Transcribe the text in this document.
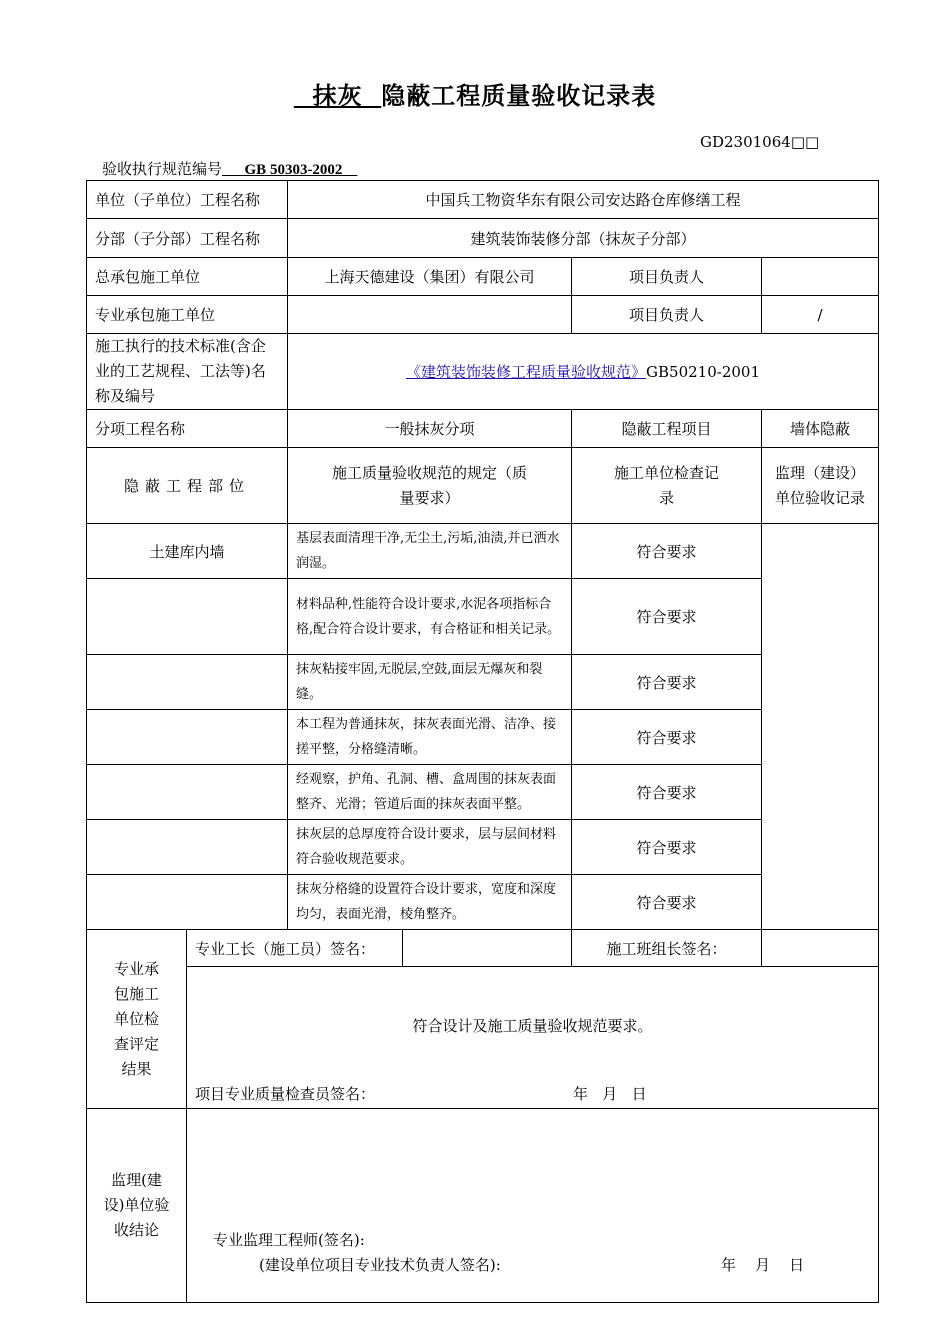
抹灰  隐蔽工程质量验收记录表
GD2301064□□
验收执行规范编号      GB 50303-2002
单位（子单位）工程名称		中国兵工物资华东有限公司安达路仓库修缮工程		
分部（子分部）工程名称		建筑装饰装修分部（抹灰子分部）		
总承包施工单位		上海天德建设（集团）有限公司	项目负责人	
专业承包施工单位			项目负责人	/
施工执行的技术标准(含企业的工艺规程、工法等)名称及编号		《建筑装饰装修工程质量验收规范》GB50210-2001		
分项工程名称		一般抹灰分项	隐蔽工程项目	墙体隐蔽
隐蔽工程部位		施工质量验收规范的规定（质量要求）	施工单位检查记录	监理（建设）单位验收记录
土建库内墙		基层表面清理干净,无尘土,污垢,油渍,并已洒水润湿。	符合要求	
		材料品种,性能符合设计要求,水泥各项指标合格,配合符合设计要求，有合格证和相关记录。	符合要求	
		抹灰粘接牢固,无脱层,空鼓,面层无爆灰和裂缝。	符合要求	
		本工程为普通抹灰，抹灰表面光滑、洁净、接搓平整，分格缝清晰。	符合要求	
		经观察，护角、孔洞、槽、盒周围的抹灰表面整齐、光滑；管道后面的抹灰表面平整。	符合要求	
		抹灰层的总厚度符合设计要求，层与层间材料符合验收规范要求。	符合要求	
		抹灰分格缝的设置符合设计要求，宽度和深度均匀，表面光滑，棱角整齐。	符合要求	
专业承包施工单位检查评定结果	专业工长（施工员）签名：		施工班组长签名：	

	符合设计及施工质量验收规范要求。
项目专业质量检查员签名： 年   月   日			

监理(建设)单位验收结论	专业监理工程师(签名):
(建设单位项目专业技术负责人签名): 年    月    日			
